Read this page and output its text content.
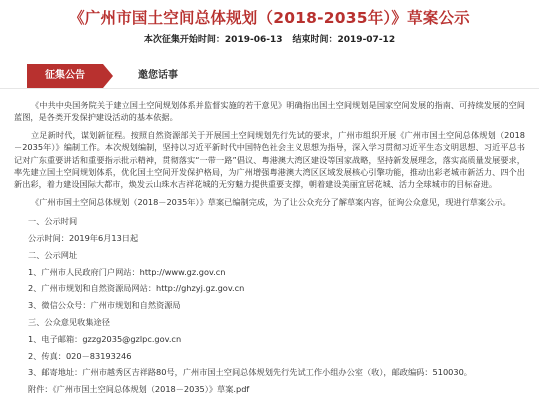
《广州市国土空间总体规划（2018-2035年）》草案公示
本次征集开始时间：2019-06-13 结束时间：2019-07-12
征集公告	邀您话事

《中共中央国务院关于建立国土空间规划体系并监督实施的若干意见》明确指出国土空间规划是国家空间发展的指南、可持续发展的空间蓝图，是各类开发保护建设活动的基本依据。

立足新时代，谋划新征程。按照自然资源部关于开展国土空间规划先行先试的要求，广州市组织开展《广州市国土空间总体规划（2018－2035年）》编制工作。本次规划编制，坚持以习近平新时代中国特色社会主义思想为指导，深入学习贯彻习近平生态文明思想、习近平总书记对广东重要讲话和重要指示批示精神，贯彻落实“一带一路”倡议、粤港澳大湾区建设等国家战略，坚持新发展理念，落实高质量发展要求，率先建立国土空间规划体系，优化国土空间开发保护格局，为广州增强粤港澳大湾区区域发展核心引擎功能，推动出彩老城市新活力、四个出新出彩，着力建设国际大都市，焕发云山珠水吉祥花城的无穷魅力提供重要支撑，朝着建设美丽宜居花城、活力全球城市的目标奋进。

《广州市国土空间总体规划（2018－2035年）》草案已编制完成，为了让公众充分了解草案内容，征询公众意见，现进行草案公示。

一、公示时间
公示时间：2019年6月13日起
二、公示网址
1、广州市人民政府门户网站：http://www.gz.gov.cn
2、广州市规划和自然资源局网站：http://ghzyj.gz.gov.cn
3、微信公众号：广州市规划和自然资源局
三、公众意见收集途径
1、电子邮箱：gzzg2035@gzlpc.gov.cn
2、传真：020－83193246
3、邮寄地址：广州市越秀区吉祥路80号，广州市国土空间总体规划先行先试工作小组办公室（收），邮政编码：510030。
附件：《广州市国土空间总体规划（2018－2035）》草案.pdf
